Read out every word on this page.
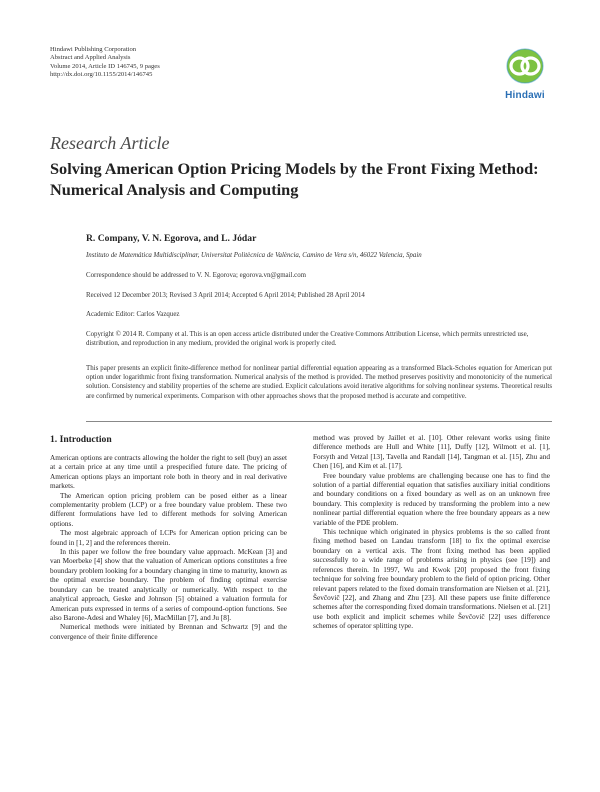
Hindawi Publishing Corporation
Abstract and Applied Analysis
Volume 2014, Article ID 146745, 9 pages
http://dx.doi.org/10.1155/2014/146745
Hindawi
Research Article
Solving American Option Pricing Models by the Front Fixing Method: Numerical Analysis and Computing
R. Company, V. N. Egorova, and L. Jódar
Instituto de Matemática Multidisciplinar, Universitat Politècnica de València, Camino de Vera s/n, 46022 Valencia, Spain
Correspondence should be addressed to V. N. Egorova; egorova.vn@gmail.com
Received 12 December 2013; Revised 3 April 2014; Accepted 6 April 2014; Published 28 April 2014
Academic Editor: Carlos Vazquez
Copyright © 2014 R. Company et al. This is an open access article distributed under the Creative Commons Attribution License, which permits unrestricted use, distribution, and reproduction in any medium, provided the original work is properly cited.
This paper presents an explicit finite-difference method for nonlinear partial differential equation appearing as a transformed Black-Scholes equation for American put option under logarithmic front fixing transformation. Numerical analysis of the method is provided. The method preserves positivity and monotonicity of the numerical solution. Consistency and stability properties of the scheme are studied. Explicit calculations avoid iterative algorithms for solving nonlinear systems. Theoretical results are confirmed by numerical experiments. Comparison with other approaches shows that the proposed method is accurate and competitive.
1. Introduction

American options are contracts allowing the holder the right to sell (buy) an asset at a certain price at any time until a prespecified future date. The pricing of American options plays an important role both in theory and in real derivative markets.

The American option pricing problem can be posed either as a linear complementarity problem (LCP) or a free boundary value problem. These two different formulations have led to different methods for solving American options.

The most algebraic approach of LCPs for American option pricing can be found in [1, 2] and the references therein.

In this paper we follow the free boundary value approach. McKean [3] and van Moerbeke [4] show that the valuation of American options constitutes a free boundary problem looking for a boundary changing in time to maturity, known as the optimal exercise boundary. The problem of finding optimal exercise boundary can be treated analytically or numerically. With respect to the analytical approach, Geske and Johnson [5] obtained a valuation formula for American puts expressed in terms of a series of compound-option functions. See also Barone-Adesi and Whaley [6], MacMillan [7], and Ju [8].

Numerical methods were initiated by Brennan and Schwartz [9] and the convergence of their finite difference

method was proved by Jaillet et al. [10]. Other relevant works using finite difference methods are Hull and White [11], Duffy [12], Wilmott et al. [1], Forsyth and Vetzal [13], Tavella and Randall [14], Tangman et al. [15], Zhu and Chen [16], and Kim et al. [17].

Free boundary value problems are challenging because one has to find the solution of a partial differential equation that satisfies auxiliary initial conditions and boundary conditions on a fixed boundary as well as on an unknown free boundary. This complexity is reduced by transforming the problem into a new nonlinear partial differential equation where the free boundary appears as a new variable of the PDE problem.

This technique which originated in physics problems is the so called front fixing method based on Landau transform [18] to fix the optimal exercise boundary on a vertical axis. The front fixing method has been applied successfully to a wide range of problems arising in physics (see [19]) and references therein. In 1997, Wu and Kwok [20] proposed the front fixing technique for solving free boundary problem to the field of option pricing. Other relevant papers related to the fixed domain transformation are Nielsen et al. [21], Ševčovič [22], and Zhang and Zhu [23]. All these papers use finite difference schemes after the corresponding fixed domain transformations. Nielsen et al. [21] use both explicit and implicit schemes while Ševčovič [22] uses difference schemes of operator splitting type.
